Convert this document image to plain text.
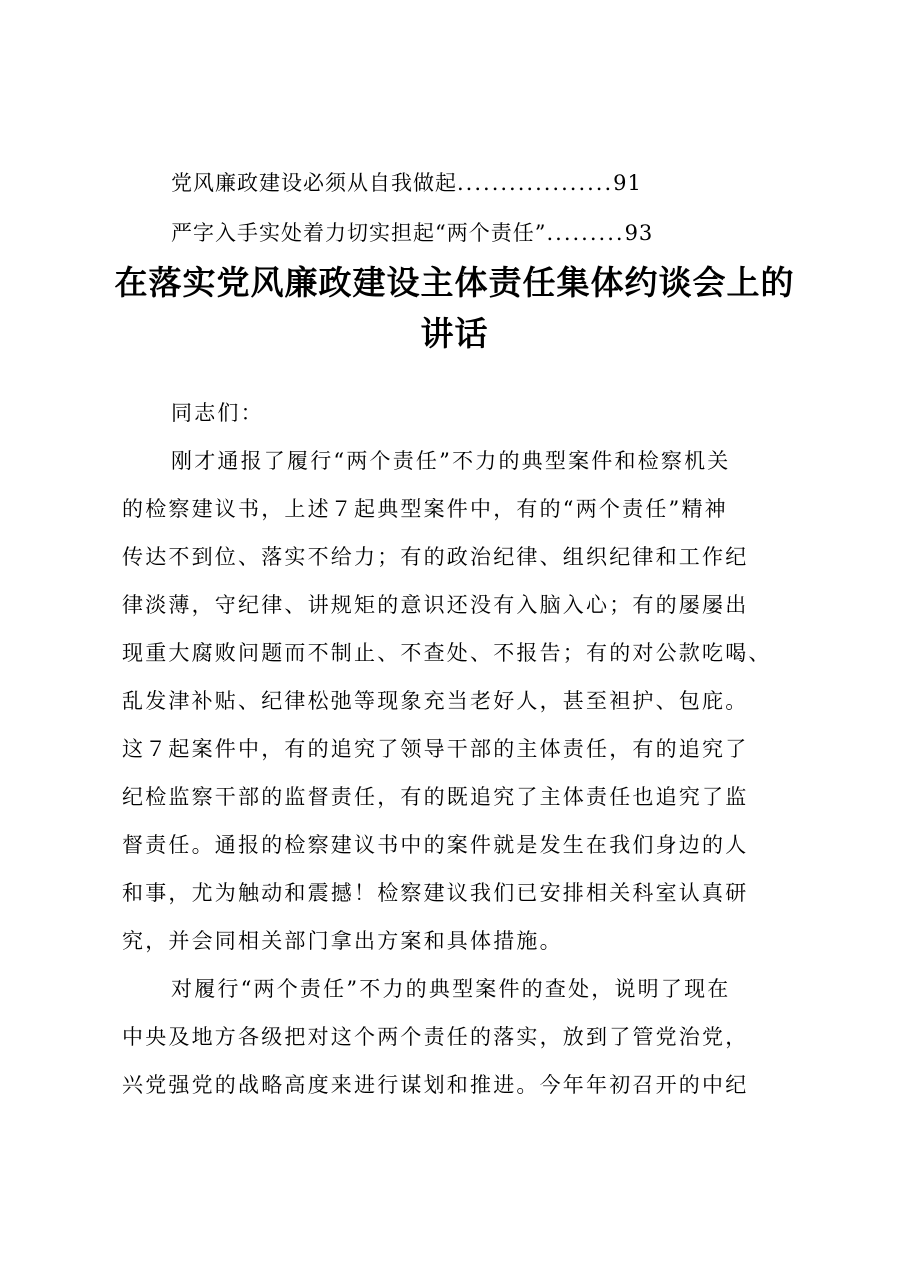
党风廉政建设必须从自我做起..................91
严字入手实处着力切实担起“两个责任”.........93
在落实党风廉政建设主体责任集体约谈会上的
讲话
同志们：
刚才通报了履行“两个责任”不力的典型案件和检察机关
的检察建议书，上述７起典型案件中，有的“两个责任”精神
传达不到位、落实不给力；有的政治纪律、组织纪律和工作纪
律淡薄，守纪律、讲规矩的意识还没有入脑入心；有的屡屡出
现重大腐败问题而不制止、不查处、不报告；有的对公款吃喝、
乱发津补贴、纪律松弛等现象充当老好人，甚至袒护、包庇。
这７起案件中，有的追究了领导干部的主体责任，有的追究了
纪检监察干部的监督责任，有的既追究了主体责任也追究了监
督责任。通报的检察建议书中的案件就是发生在我们身边的人
和事，尤为触动和震撼！检察建议我们已安排相关科室认真研
究，并会同相关部门拿出方案和具体措施。
对履行“两个责任”不力的典型案件的查处，说明了现在
中央及地方各级把对这个两个责任的落实，放到了管党治党，
兴党强党的战略高度来进行谋划和推进。今年年初召开的中纪
